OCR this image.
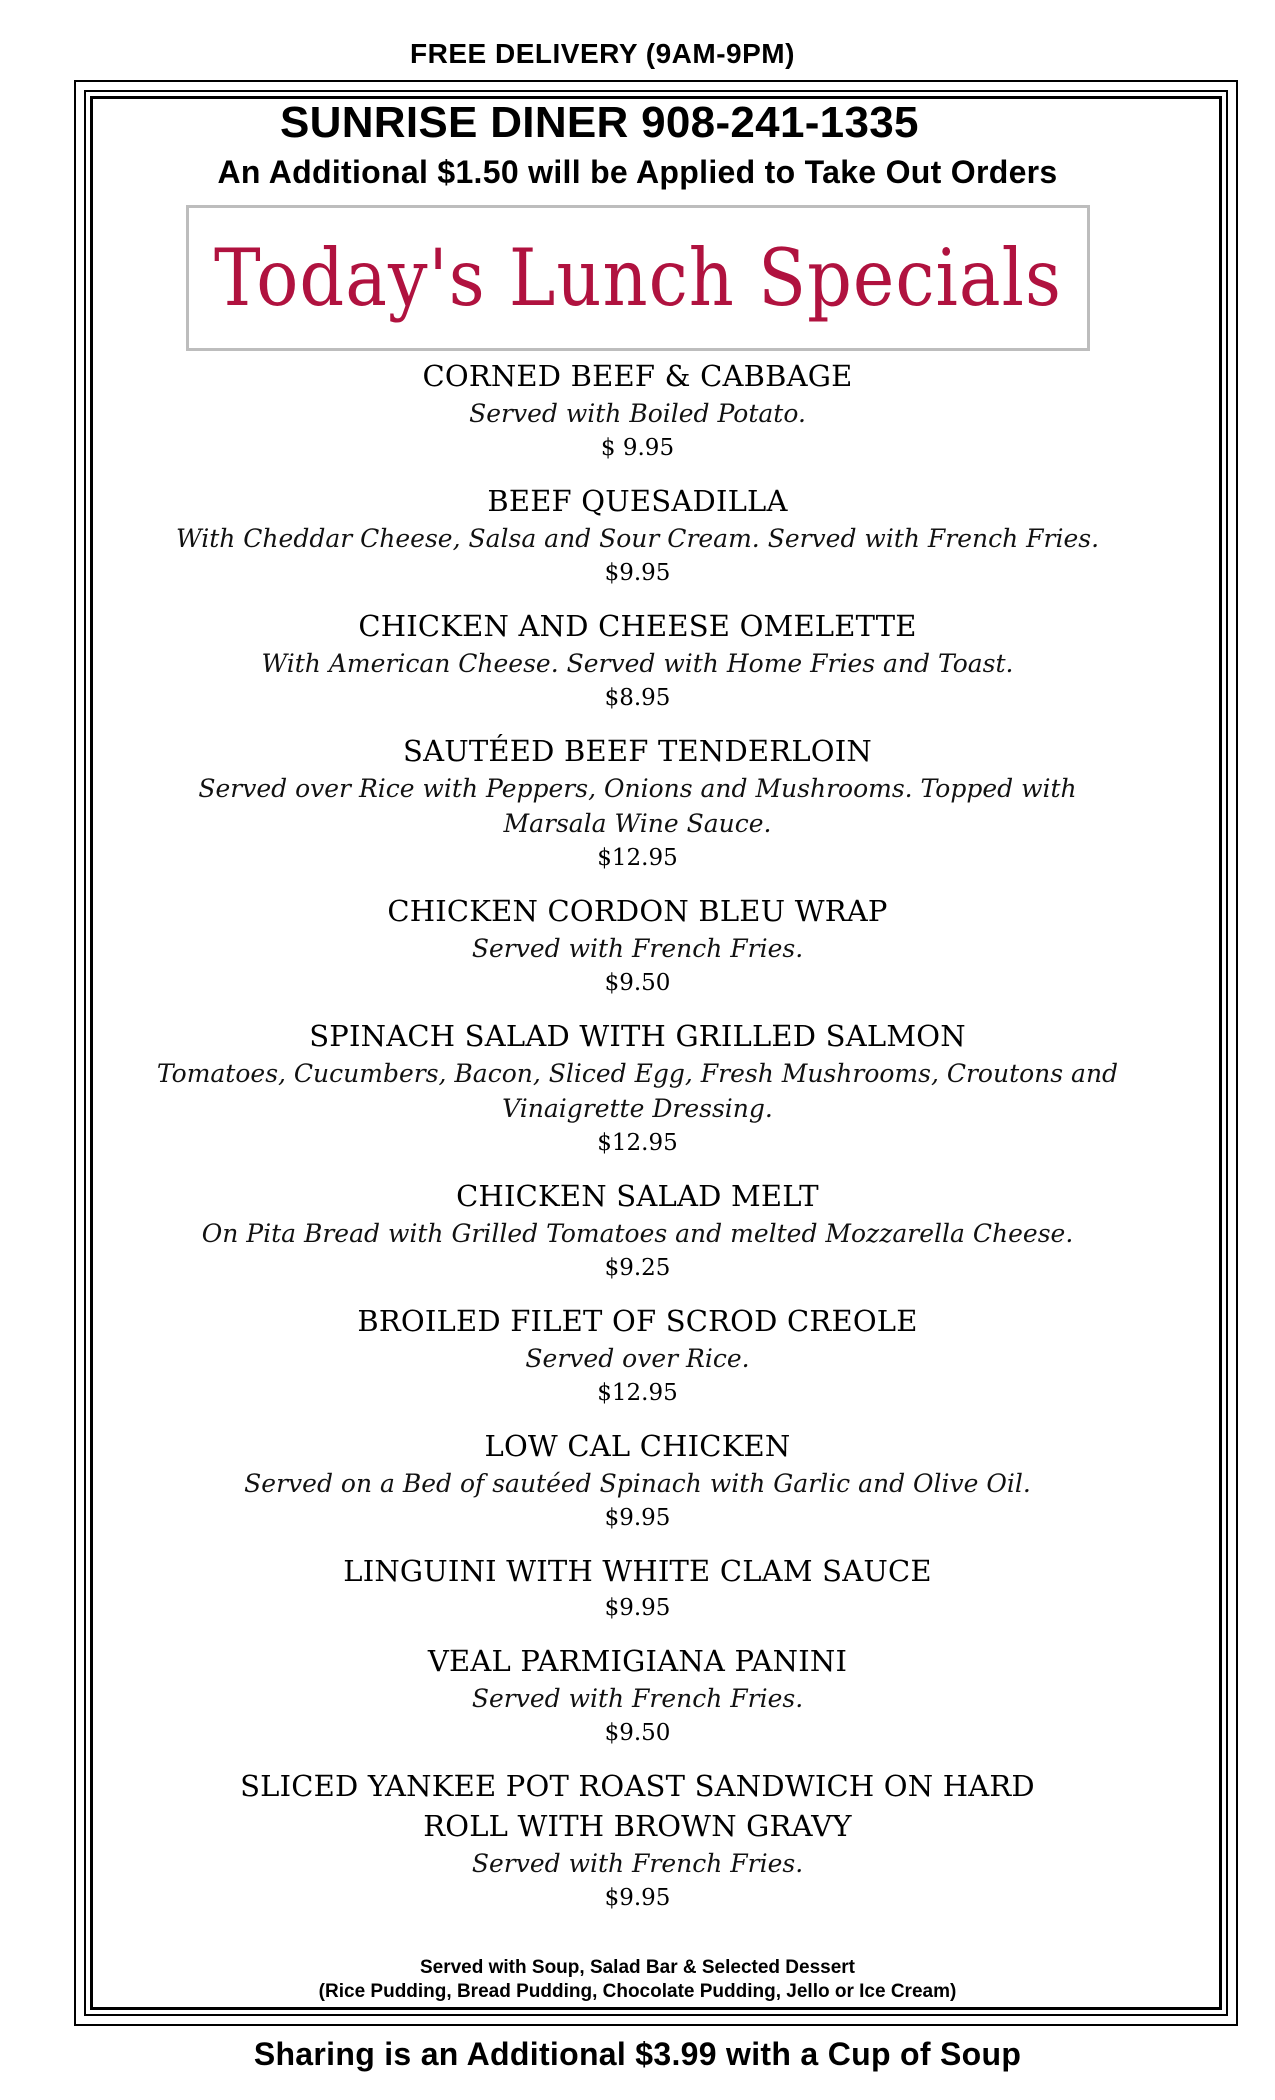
FREE DELIVERY (9AM-9PM)
SUNRISE DINER 908-241-1335
An Additional $1.50 will be Applied to Take Out Orders
Today's Lunch Specials
CORNED BEEF & CABBAGE
Served with Boiled Potato.
$ 9.95
BEEF QUESADILLA
With Cheddar Cheese, Salsa and Sour Cream. Served with French Fries.
$9.95
CHICKEN AND CHEESE OMELETTE
With American Cheese. Served with Home Fries and Toast.
$8.95
SAUTÉED BEEF TENDERLOIN
Served over Rice with Peppers, Onions and Mushrooms. Topped with Marsala Wine Sauce.
$12.95
CHICKEN CORDON BLEU WRAP
Served with French Fries.
$9.50
SPINACH SALAD WITH GRILLED SALMON
Tomatoes, Cucumbers, Bacon, Sliced Egg, Fresh Mushrooms, Croutons and Vinaigrette Dressing.
$12.95
CHICKEN SALAD MELT
On Pita Bread with Grilled Tomatoes and melted Mozzarella Cheese.
$9.25
BROILED FILET OF SCROD CREOLE
Served over Rice.
$12.95
LOW CAL CHICKEN
Served on a Bed of sautéed Spinach with Garlic and Olive Oil.
$9.95
LINGUINI WITH WHITE CLAM SAUCE
$9.95
VEAL PARMIGIANA PANINI
Served with French Fries.
$9.50
SLICED YANKEE POT ROAST SANDWICH ON HARD ROLL WITH BROWN GRAVY
Served with French Fries.
$9.95
Served with Soup, Salad Bar & Selected Dessert
(Rice Pudding, Bread Pudding, Chocolate Pudding, Jello or Ice Cream)
Sharing is an Additional $3.99 with a Cup of Soup
